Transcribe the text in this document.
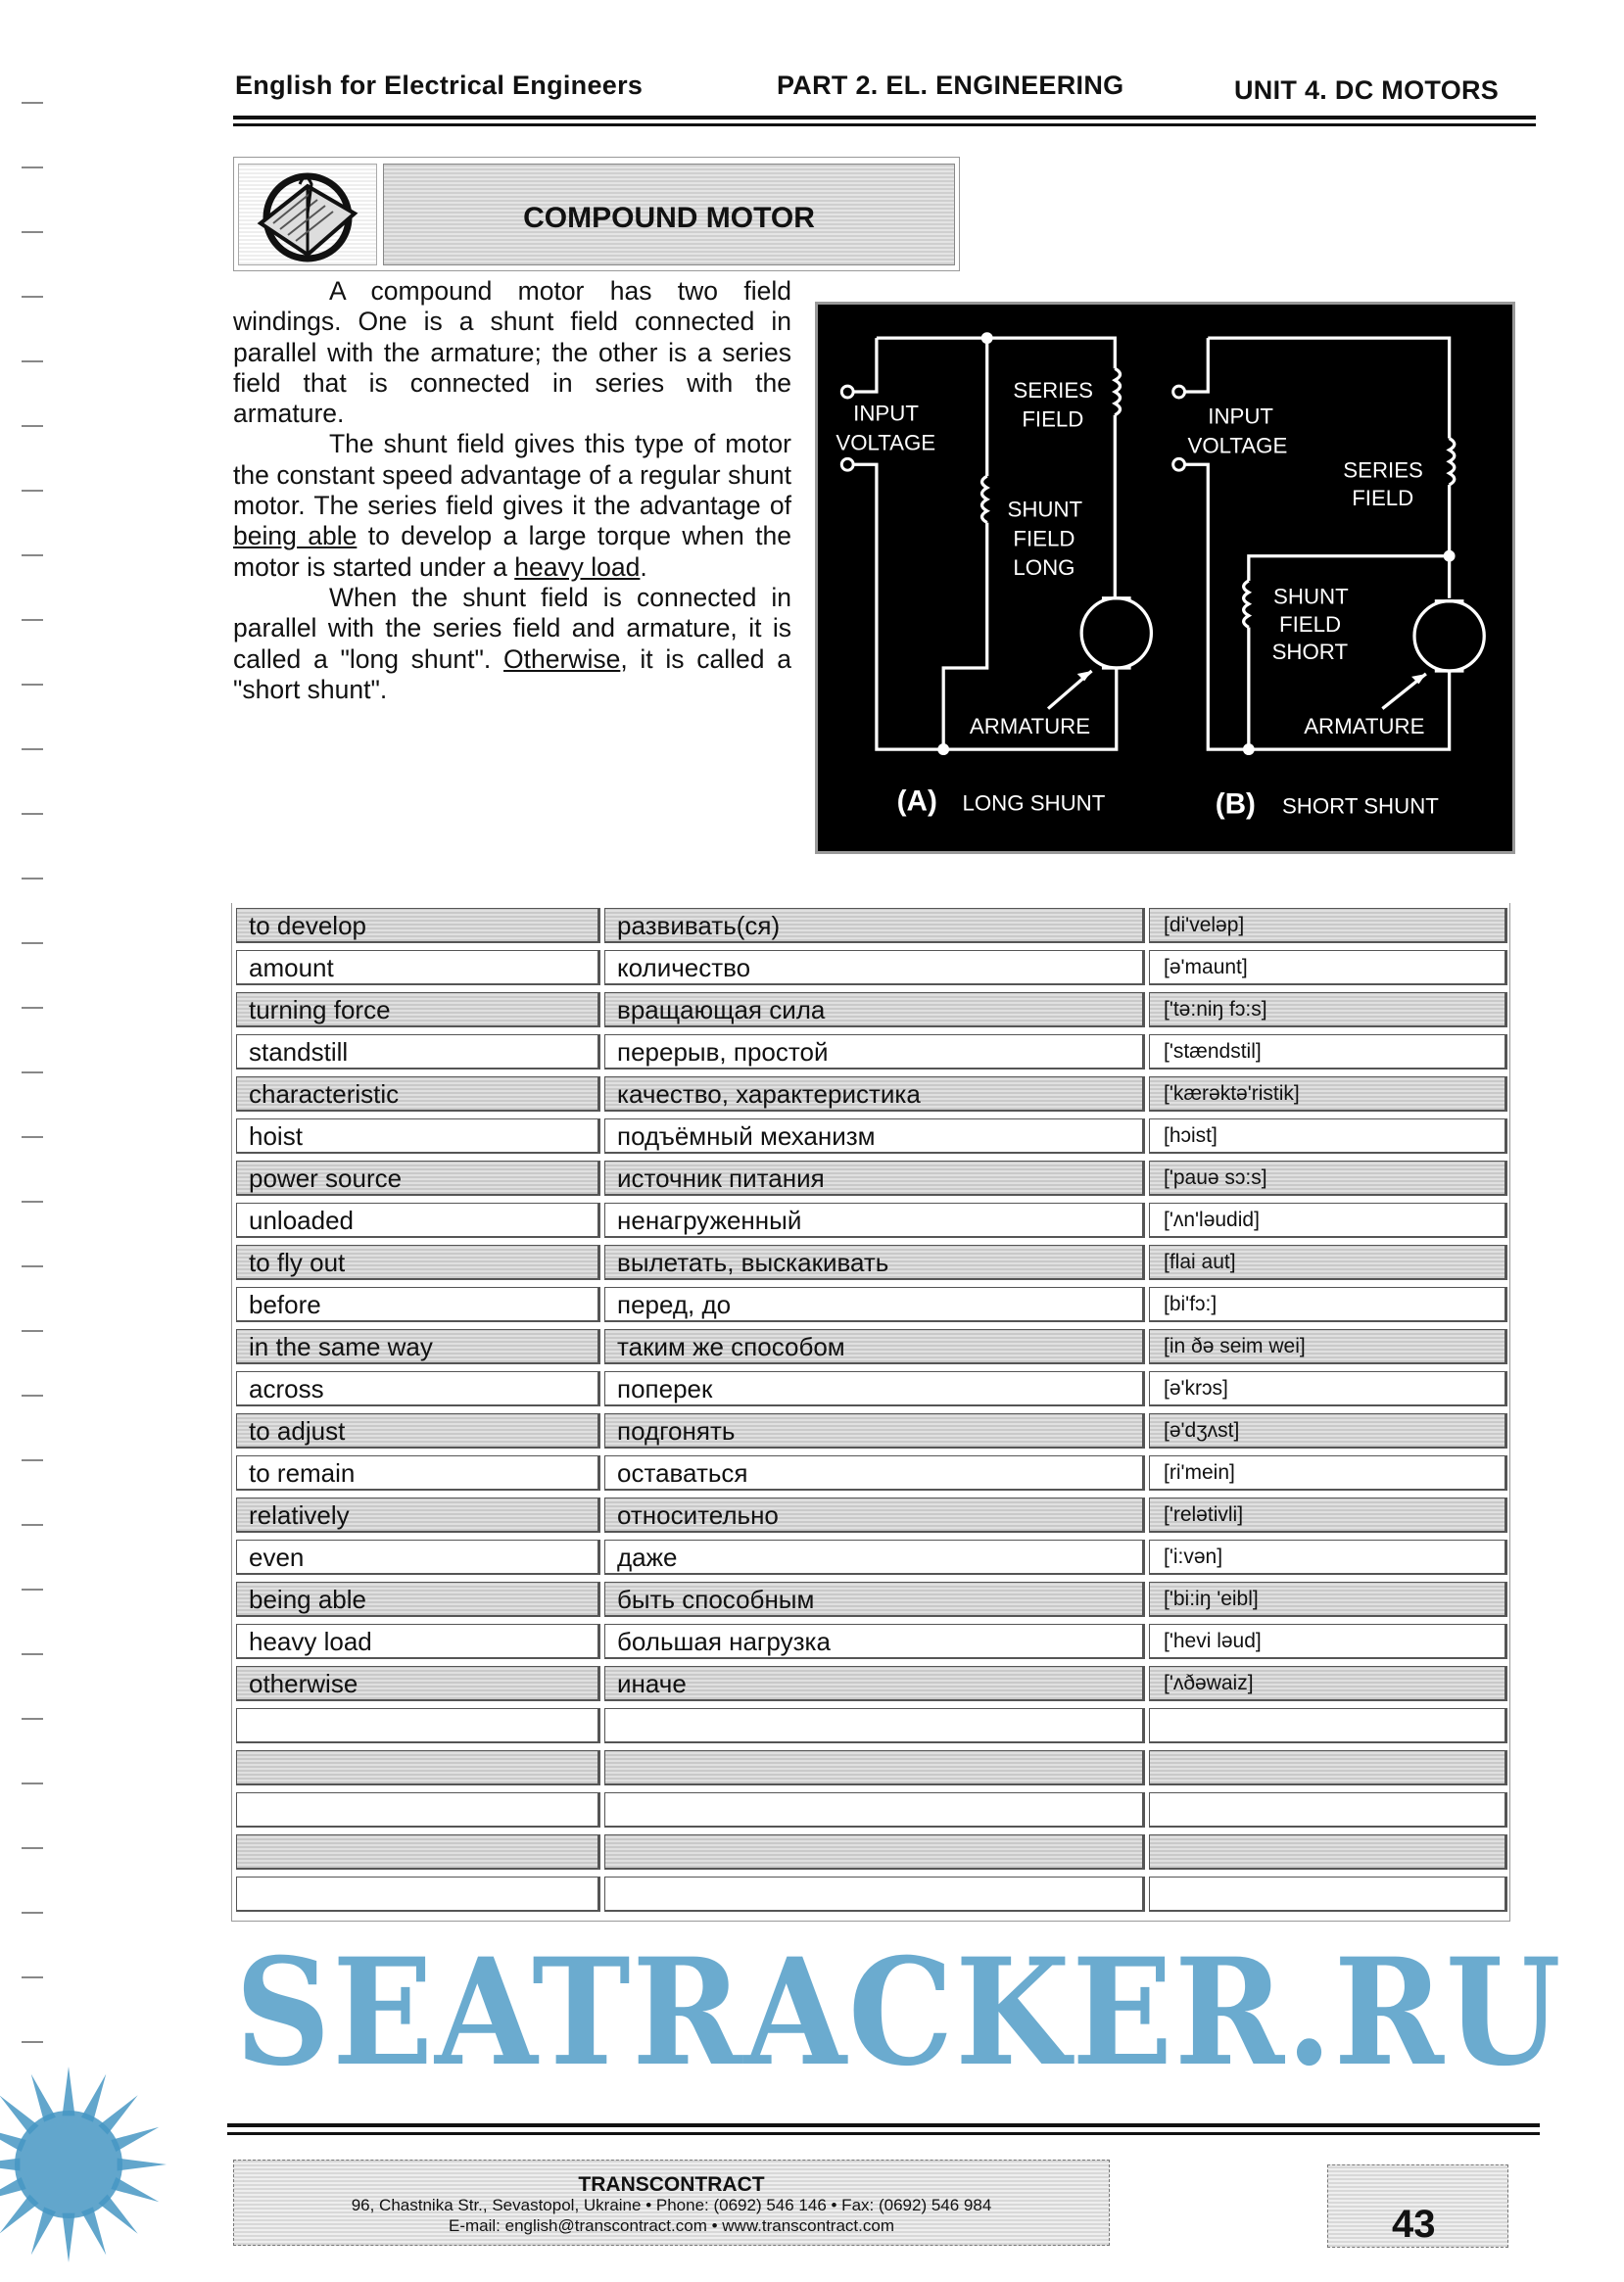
English for Electrical Engineers	PART 2. EL. ENGINEERING	UNIT 4. DC MOTORS
COMPOUND MOTOR

A compound motor has two field windings. One is a shunt field connected in parallel with the armature; the other is a series field that is connected in series with the armature.

The shunt field gives this type of motor the constant speed advantage of a regular shunt motor. The series field gives it the advantage of being able to develop a large torque when the motor is started under a heavy load.

When the shunt field is connected in parallel with the series field and armature, it is called a "long shunt". Otherwise, it is called a "short shunt".

INPUT
VOLTAGE
SERIES
FIELD
SHUNT
FIELD
LONG
ARMATURE
(A) LONG SHUNT
INPUT
VOLTAGE
SERIES
FIELD
SHUNT
FIELD
SHORT
ARMATURE
(B) SHORT SHUNT
to develop	развивать(ся)	[di'veləp]
amount	количество	[ə'maunt]
turning force	вращающая сила	['tə:niŋ fɔ:s]
standstill	перерыв, простой	['stændstil]
characteristic	качество, характеристика	['kærəktə'ristik]
hoist	подъёмный механизм	[hɔist]
power source	источник питания	['pauə sɔ:s]
unloaded	ненагруженный	['ʌn'ləudid]
to fly out	вылетать, выскакивать	[flai aut]
before	перед, до	[bi'fɔ:]
in the same way	таким же способом	[in ðə seim wei]
across	поперек	[ə'krɔs]
to adjust	подгонять	[ə'dʒʌst]
to remain	оставаться	[ri'mein]
relatively	относительно	['relətivli]
even	даже	['i:vən]
being able	быть способным	['bi:iŋ 'eibl]
heavy load	большая нагрузка	['hevi ləud]
otherwise	иначе	['ʌðəwaiz]
SEATRACKER.RU
TRANSCONTRACT
96, Chastnika Str., Sevastopol, Ukraine • Phone: (0692) 546 146 • Fax: (0692) 546 984
E-mail: english@transcontract.com • www.transcontract.com	43
